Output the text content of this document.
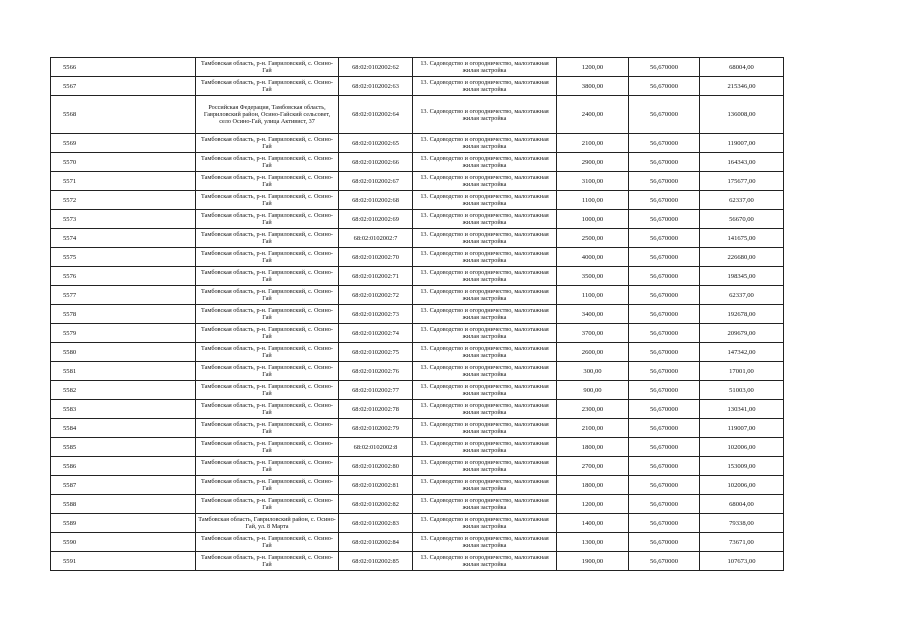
5566	Тамбовская область, р-н. Гавриловский, с. Осино-Гай	68:02:0102002:62	13. Садоводство и огородничество, малоэтажная жилая застройка	1200,00	56,670000	68004,00
5567	Тамбовская область, р-н. Гавриловский, с. Осино-Гай	68:02:0102002:63	13. Садоводство и огородничество, малоэтажная жилая застройка	3800,00	56,670000	215346,00
5568	Российская Федерация, Тамбовская область, Гавриловский район, Осино-Гайский сельсовет, село Осино-Гай, улица Активист, 37	68:02:0102002:64	13. Садоводство и огородничество, малоэтажная жилая застройка	2400,00	56,670000	136008,00
5569	Тамбовская область, р-н. Гавриловский, с. Осино-Гай	68:02:0102002:65	13. Садоводство и огородничество, малоэтажная жилая застройка	2100,00	56,670000	119007,00
5570	Тамбовская область, р-н. Гавриловский, с. Осино-Гай	68:02:0102002:66	13. Садоводство и огородничество, малоэтажная жилая застройка	2900,00	56,670000	164343,00
5571	Тамбовская область, р-н. Гавриловский, с. Осино-Гай	68:02:0102002:67	13. Садоводство и огородничество, малоэтажная жилая застройка	3100,00	56,670000	175677,00
5572	Тамбовская область, р-н. Гавриловский, с. Осино-Гай	68:02:0102002:68	13. Садоводство и огородничество, малоэтажная жилая застройка	1100,00	56,670000	62337,00
5573	Тамбовская область, р-н. Гавриловский, с. Осино-Гай	68:02:0102002:69	13. Садоводство и огородничество, малоэтажная жилая застройка	1000,00	56,670000	56670,00
5574	Тамбовская область, р-н. Гавриловский, с. Осино-Гай	68:02:0102002:7	13. Садоводство и огородничество, малоэтажная жилая застройка	2500,00	56,670000	141675,00
5575	Тамбовская область, р-н. Гавриловский, с. Осино-Гай	68:02:0102002:70	13. Садоводство и огородничество, малоэтажная жилая застройка	4000,00	56,670000	226680,00
5576	Тамбовская область, р-н. Гавриловский, с. Осино-Гай	68:02:0102002:71	13. Садоводство и огородничество, малоэтажная жилая застройка	3500,00	56,670000	198345,00
5577	Тамбовская область, р-н. Гавриловский, с. Осино-Гай	68:02:0102002:72	13. Садоводство и огородничество, малоэтажная жилая застройка	1100,00	56,670000	62337,00
5578	Тамбовская область, р-н. Гавриловский, с. Осино-Гай	68:02:0102002:73	13. Садоводство и огородничество, малоэтажная жилая застройка	3400,00	56,670000	192678,00
5579	Тамбовская область, р-н. Гавриловский, с. Осино-Гай	68:02:0102002:74	13. Садоводство и огородничество, малоэтажная жилая застройка	3700,00	56,670000	209679,00
5580	Тамбовская область, р-н. Гавриловский, с. Осино-Гай	68:02:0102002:75	13. Садоводство и огородничество, малоэтажная жилая застройка	2600,00	56,670000	147342,00
5581	Тамбовская область, р-н. Гавриловский, с. Осино-Гай	68:02:0102002:76	13. Садоводство и огородничество, малоэтажная жилая застройка	300,00	56,670000	17001,00
5582	Тамбовская область, р-н. Гавриловский, с. Осино-Гай	68:02:0102002:77	13. Садоводство и огородничество, малоэтажная жилая застройка	900,00	56,670000	51003,00
5583	Тамбовская область, р-н. Гавриловский, с. Осино-Гай	68:02:0102002:78	13. Садоводство и огородничество, малоэтажная жилая застройка	2300,00	56,670000	130341,00
5584	Тамбовская область, р-н. Гавриловский, с. Осино-Гай	68:02:0102002:79	13. Садоводство и огородничество, малоэтажная жилая застройка	2100,00	56,670000	119007,00
5585	Тамбовская область, р-н. Гавриловский, с. Осино-Гай	68:02:0102002:8	13. Садоводство и огородничество, малоэтажная жилая застройка	1800,00	56,670000	102006,00
5586	Тамбовская область, р-н. Гавриловский, с. Осино-Гай	68:02:0102002:80	13. Садоводство и огородничество, малоэтажная жилая застройка	2700,00	56,670000	153009,00
5587	Тамбовская область, р-н. Гавриловский, с. Осино-Гай	68:02:0102002:81	13. Садоводство и огородничество, малоэтажная жилая застройка	1800,00	56,670000	102006,00
5588	Тамбовская область, р-н. Гавриловский, с. Осино-Гай	68:02:0102002:82	13. Садоводство и огородничество, малоэтажная жилая застройка	1200,00	56,670000	68004,00
5589	Тамбовская область, Гавриловский район, с. Осино-Гай, ул. 8 Марта	68:02:0102002:83	13. Садоводство и огородничество, малоэтажная жилая застройка	1400,00	56,670000	79338,00
5590	Тамбовская область, р-н. Гавриловский, с. Осино-Гай	68:02:0102002:84	13. Садоводство и огородничество, малоэтажная жилая застройка	1300,00	56,670000	73671,00
5591	Тамбовская область, р-н. Гавриловский, с. Осино-Гай	68:02:0102002:85	13. Садоводство и огородничество, малоэтажная жилая застройка	1900,00	56,670000	107673,00
